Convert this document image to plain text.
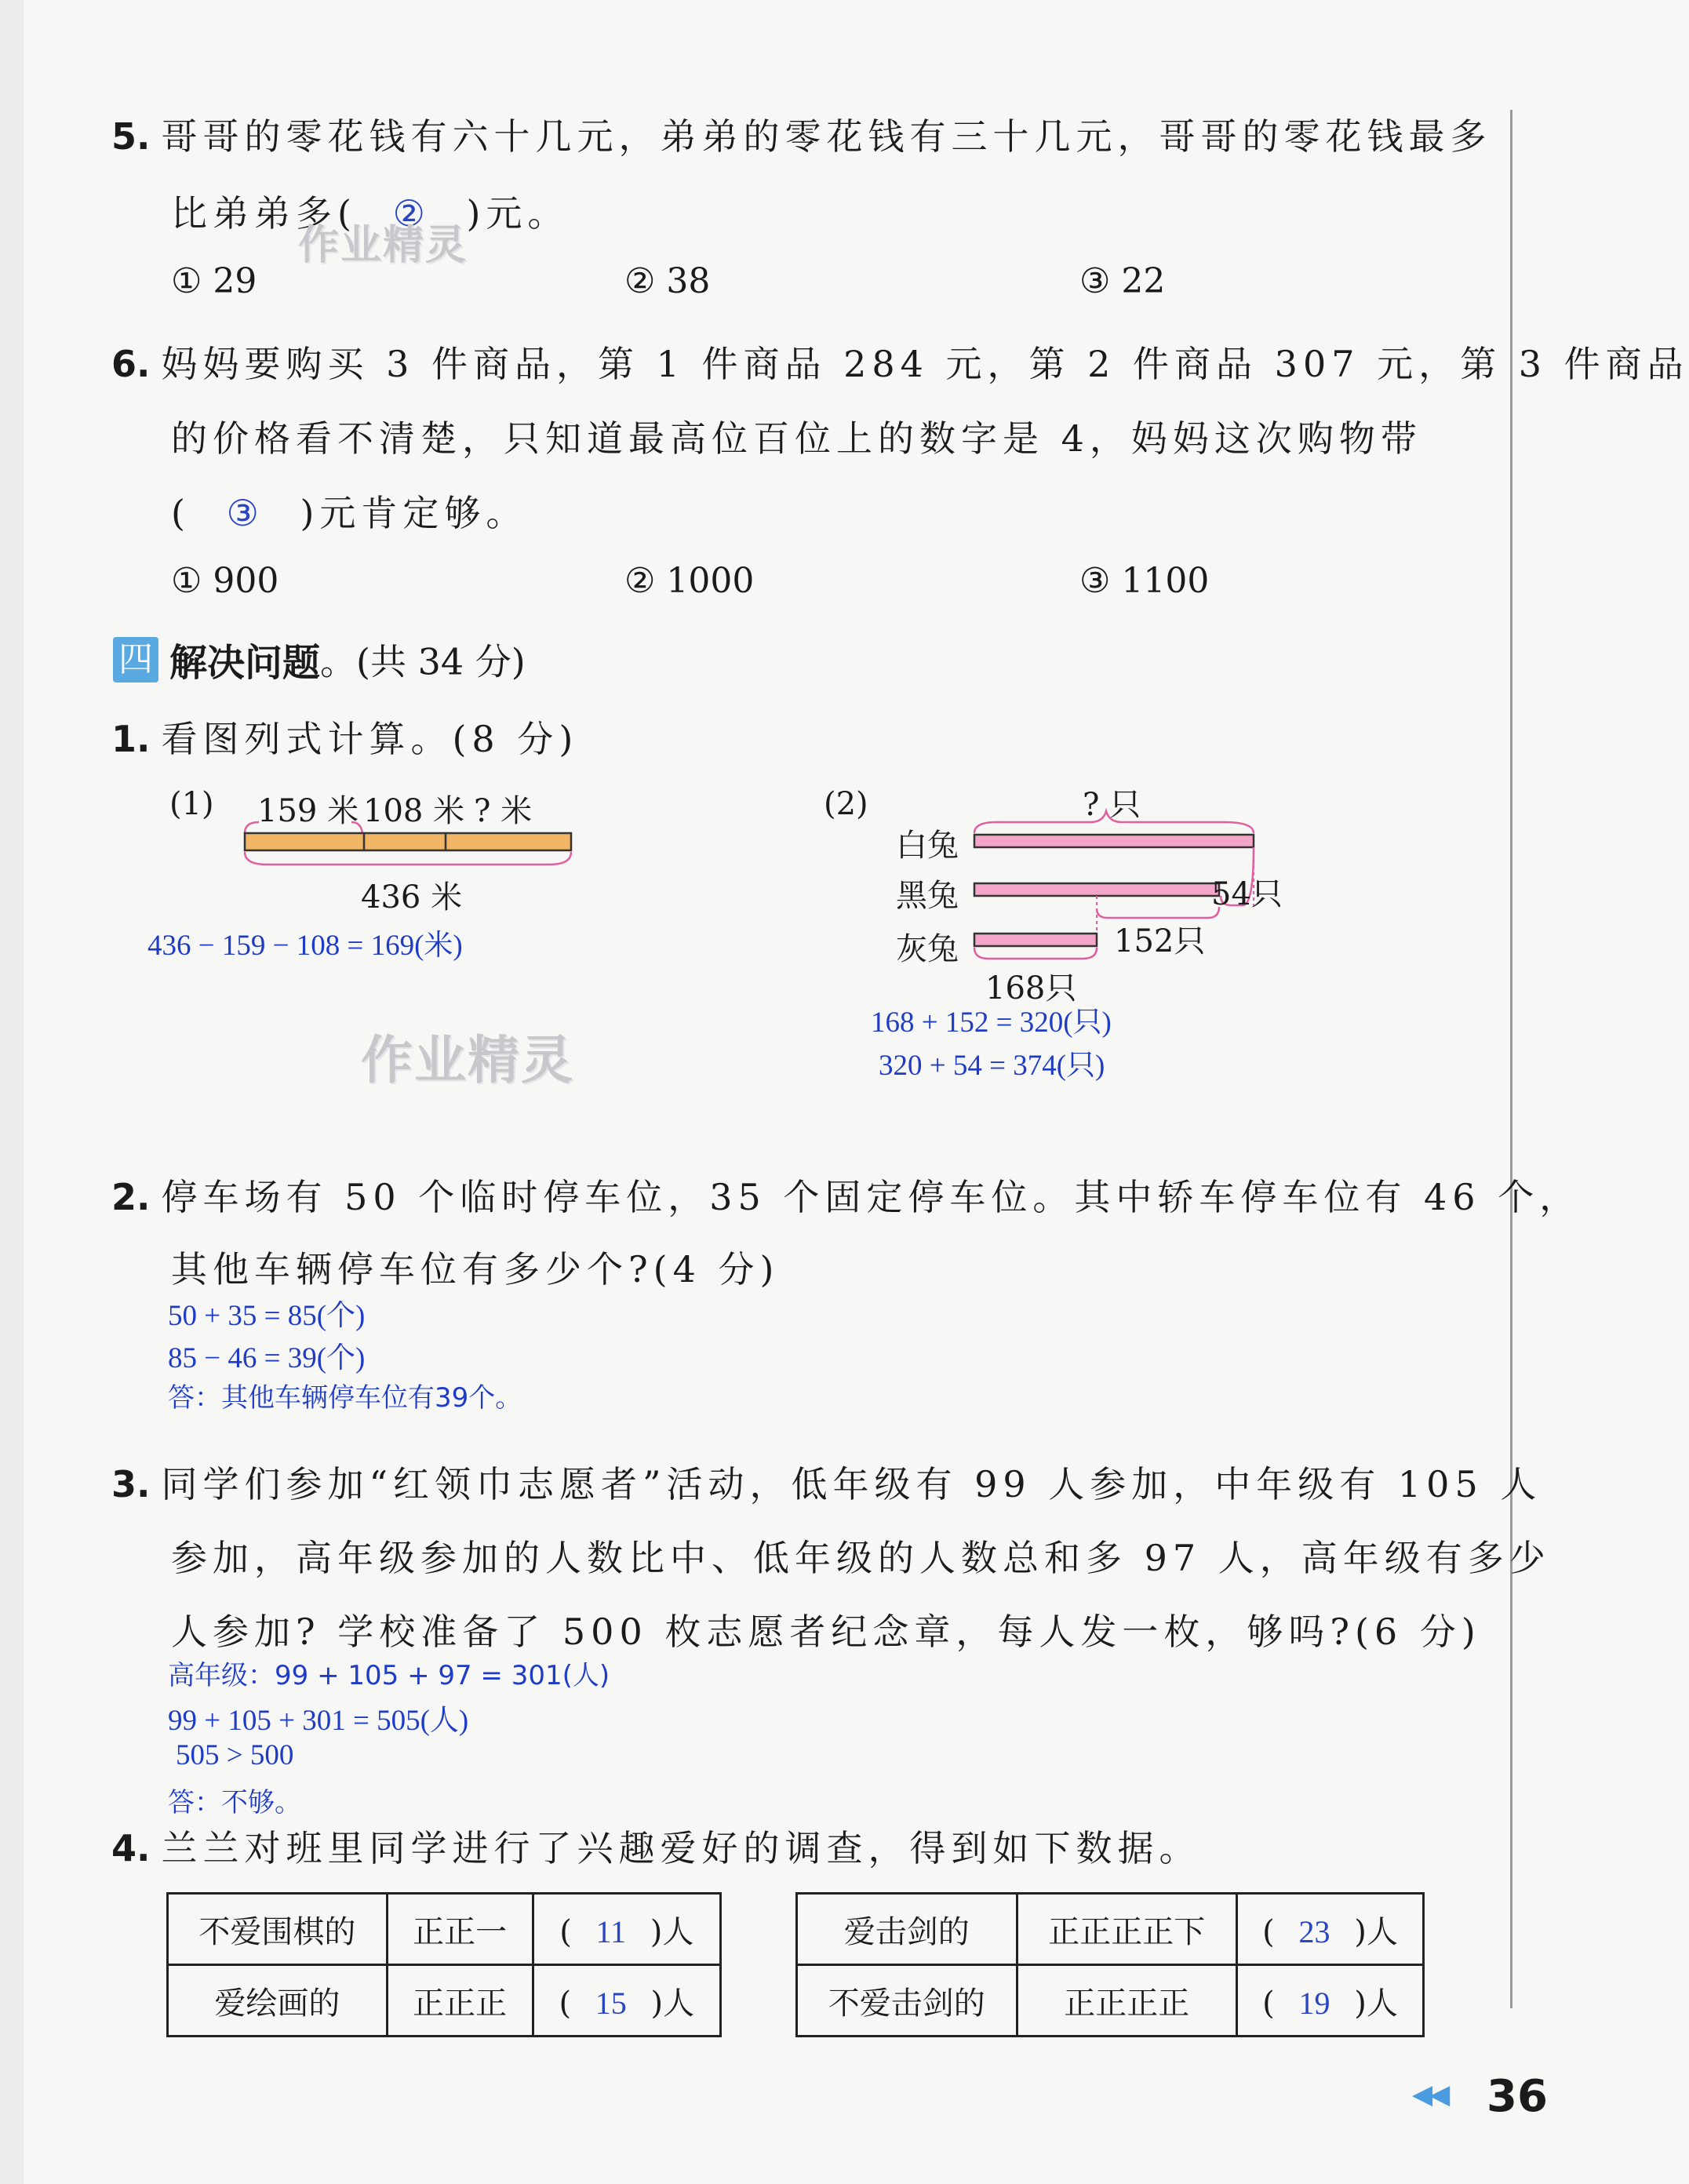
5. 哥哥的零花钱有六十几元，弟弟的零花钱有三十几元，哥哥的零花钱最多
比弟弟多( ② )元。
作业精灵
① 29	② 38	③ 22
6. 妈妈要购买 3 件商品，第 1 件商品 284 元，第 2 件商品 307 元，第 3 件商品
的价格看不清楚，只知道最高位百位上的数字是 4，妈妈这次购物带
( ③ )元肯定够。
① 900	② 1000	③ 1100
四 解决问题。(共 34 分)
1. 看图列式计算。(8 分)
(1) 159 米 108 米 ? 米
436 米
436 − 159 − 108 = 169(米)
作业精灵
(2)	? 只
白兔
黑兔
灰兔
54只
152只
168只
168 + 152 = 320(只)
320 + 54 = 374(只)
2. 停车场有 50 个临时停车位，35 个固定停车位。其中轿车停车位有 46 个，
其他车辆停车位有多少个?(4 分)
50 + 35 = 85(个)
85 − 46 = 39(个)
答：其他车辆停车位有39个。
3. 同学们参加“红领巾志愿者”活动，低年级有 99 人参加，中年级有 105 人
参加，高年级参加的人数比中、低年级的人数总和多 97 人，高年级有多少
人参加? 学校准备了 500 枚志愿者纪念章，每人发一枚，够吗?(6 分)
高年级：99 + 105 + 97 = 301(人)
99 + 105 + 301 = 505(人)
505 > 500
答：不够。
4. 兰兰对班里同学进行了兴趣爱好的调查，得到如下数据。
不爱围棋的	正正一	( 11 )人
爱绘画的	正正正	( 15 )人
爱击剑的	正正正正下	( 23 )人
不爱击剑的	正正正正	( 19 )人
◀◀ 36
